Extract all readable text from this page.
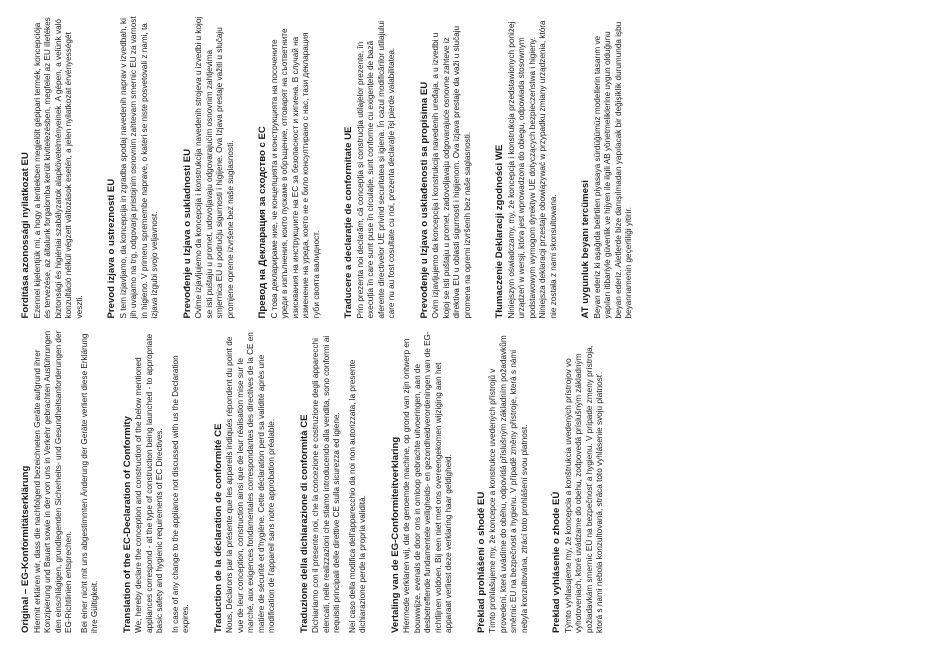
Original – EG-Konformitätserklärung Hiermit erklären wir, dass die nachfolgend bezeichneten Geräte aufgrund ihrer Konzipierung und Bauart sowie in der von uns in Verkehr gebrachten Ausführungen den einschlägigen, grundlegenden Sicherheits- und Gesundheitsanforderungen der EG-Richtlinien entsprechen. Bei einer nicht mit uns abgestimmten Änderung der Geräte verliert diese Erklärung ihre Gültigkeit. Translation of the EC-Declaration of Conformity We, hereby declare the conception and construction of the below mentioned appliances correspond - at the type of construction being launched - to appropriate basic safety and hygienic requirements of EC Directives. In case of any change to the appliance not discussed with us the Declaration expires. Traduction de la déclaration de conformité CE Nous, Déclarons par la présente que les appareils indiqués répondent du point de vue de leur conception, construction ainsi que de leur réalisation mise sur le marché, aux exigences fondamentales correspondantes des directives de la CE en matière de sécurité et d'hygiène. Cette déclaration perd sa validité après une modification de l'appareil sans notre approbation préalable. Traduzione della dichiarazione di conformità CE Dichiariamo con il presente noi, che la concezione e costruzione degli apparecchi elencati, nelle realizzazioni che stiamo introducendo alla vendita, sono conformi ai requisiti principali delle direttive CE sulla sicurezza ed igiene. Nel caso della modifica dell'apparecchio da noi non autorizzata, la presente dichiarazione perde la propria validità. Vertaling van de EG-Conformiteitverklaring Hiermede verklaren wij, dat de genoemde machine, op grond van zijn ontwerp en bouwwijze, evenals de door ons in omloop gebrachte uitvoeringen, aan de desbetreffende fundamentele veiligheids- en gezondheidverordeningen van de EG-richtlijnen voldoen. Bij een niet met ons overeengekomen wijziging aan het apparaat verliest deze verklaring haar geldigheid. Překlad prohlášení o shodě EU Tímto prohlašujeme my, že koncepce a konstrukce uvedených přístrojů v provedení, která uvádíme do oběhu, odpovídá příslušným základním požadavkům směrnic EU na bezpečnost a hygienu. V případě změny přístroje, která s námi nebyla konzultována, ztrácí toto prohlášení svou platnost. Preklad vyhlásenie o zhode EÚ Týmto vyhlasujeme my, že koncepcia a konštrukcia uvedených prístrojov vo vyhotoveniach, ktoré uvádzame do obehu, zodpovedá príslušným základným požiadavkám smerníc EÚ na bezpečnosť a hygienu. V prípade zmeny prístroja, ktorá s nami nebola konzultovaná, stráca toto vyhlásenie svoju platnosť.

Fordítása azonossági nyilatkozat EU Ezennel kijelentjük mi, a hogy a lentiekben megjelölt gépipari termék, koncepciója és tervezése, az általunk forgalomba került kivitelezésben, megfelel az EU illetékes biztonsági és higiéniai szabályzatok alapkövetelményeinek. A gépen, a velünk való konzultáció nélkül végzett változások esetén, a jelen nyilatkozat érvényességét veszti. Prevod izjava o ustreznosti EU S tem izjavljamo, da koncepcija in zgradba spodaj navedenih naprav v izvedbah, ki jih uvajamo na trg, odgovarja pristojnim osnovnim zahtevam smernic EU za varnost in higieno. V primeru spremembe naprave, o kateri se niste posvetovali z nami, ta izjava izgubi svojo veljavnost. Prevođenje u Izjava o sukladnosti EU Ovime izjavljujemo da koncepcija i konstrukcija navedenih strojeva u izvedbi u kojoj se isti puštaju u promet, udovoljavaju odgovarajućim osnovnim zahtjevima smjernica EU u području sigurnosti i higijene. Ova Izjava prestaje važiti u slučaju promjene opreme izvršene bez naše suglasnosti. Превод на Декларация за сходство с ЕС С това декларираме ние, че концепцията и конструкцията на посочените уреди в изпълнения, които пускаме в обръщение, отговарят на съответните изисквания на инструкциите на ЕС за безопасност и хигиена. В случай на изменение на уреда, което не е било консултирано с нас, тази декларация губи своята валидност. Traducere a declarație de conformitate UE Prin prezenta noi declarăm, că concepția și construcția utilajelor prezente, în execuția în care sunt puse în circulație, sunt conforme cu exigențele de bază aferente directivelor UE privind securitatea și igiena. În cazul modificărilor utilajului care nu au fost cosultate cu noi, prezenta declarație își pierde valabilitatea. Prevođenje u Izjava o usklađenosti sa propisima EU Ovim izjavljujemo da koncepcija i konstrukcija navedenih uređaja, a u izvedbi u kojoj se isti puštaju u promet, zadovoljavaju odgovarajuće osnovne zahteve iz direktiva EU u oblasti sigurnosti i higijenom. Ova izjava prestaje da važi u slučaju promena na opremi izvršenih bez naše saglasnosti. Tłumaczenie Deklaracji zgodności WE Niniejszym oświadczamy, my, że koncepcja i konstrukcja przedstawionych poniżej urządzeń w wersji, która jest wprowadzona do obiegu, odpowiada stosownym podstawowym wymogom dyrektyw UE dotyczących bezpieczeństwa i higieny. Niniejsza deklaracji przestaje obowiązywać w przypadku zmiany urządzenia, która nie została z nami skonsultowana. AT uygunluk beyanı tercümesi Beyan ederiz ki aşağıda belirtilen piyasaya sürdüğümüz modellerin tasarım ve yapıları itibariyle güvenlik ve hijyen ile ilgili AB yönetmeliklerine uygun olduğunu beyan ederiz. Aletlerde bize danışılmadan yapılacak bir değişiklik durumunda işbu beyannamenin geçerliliği yitirir.
